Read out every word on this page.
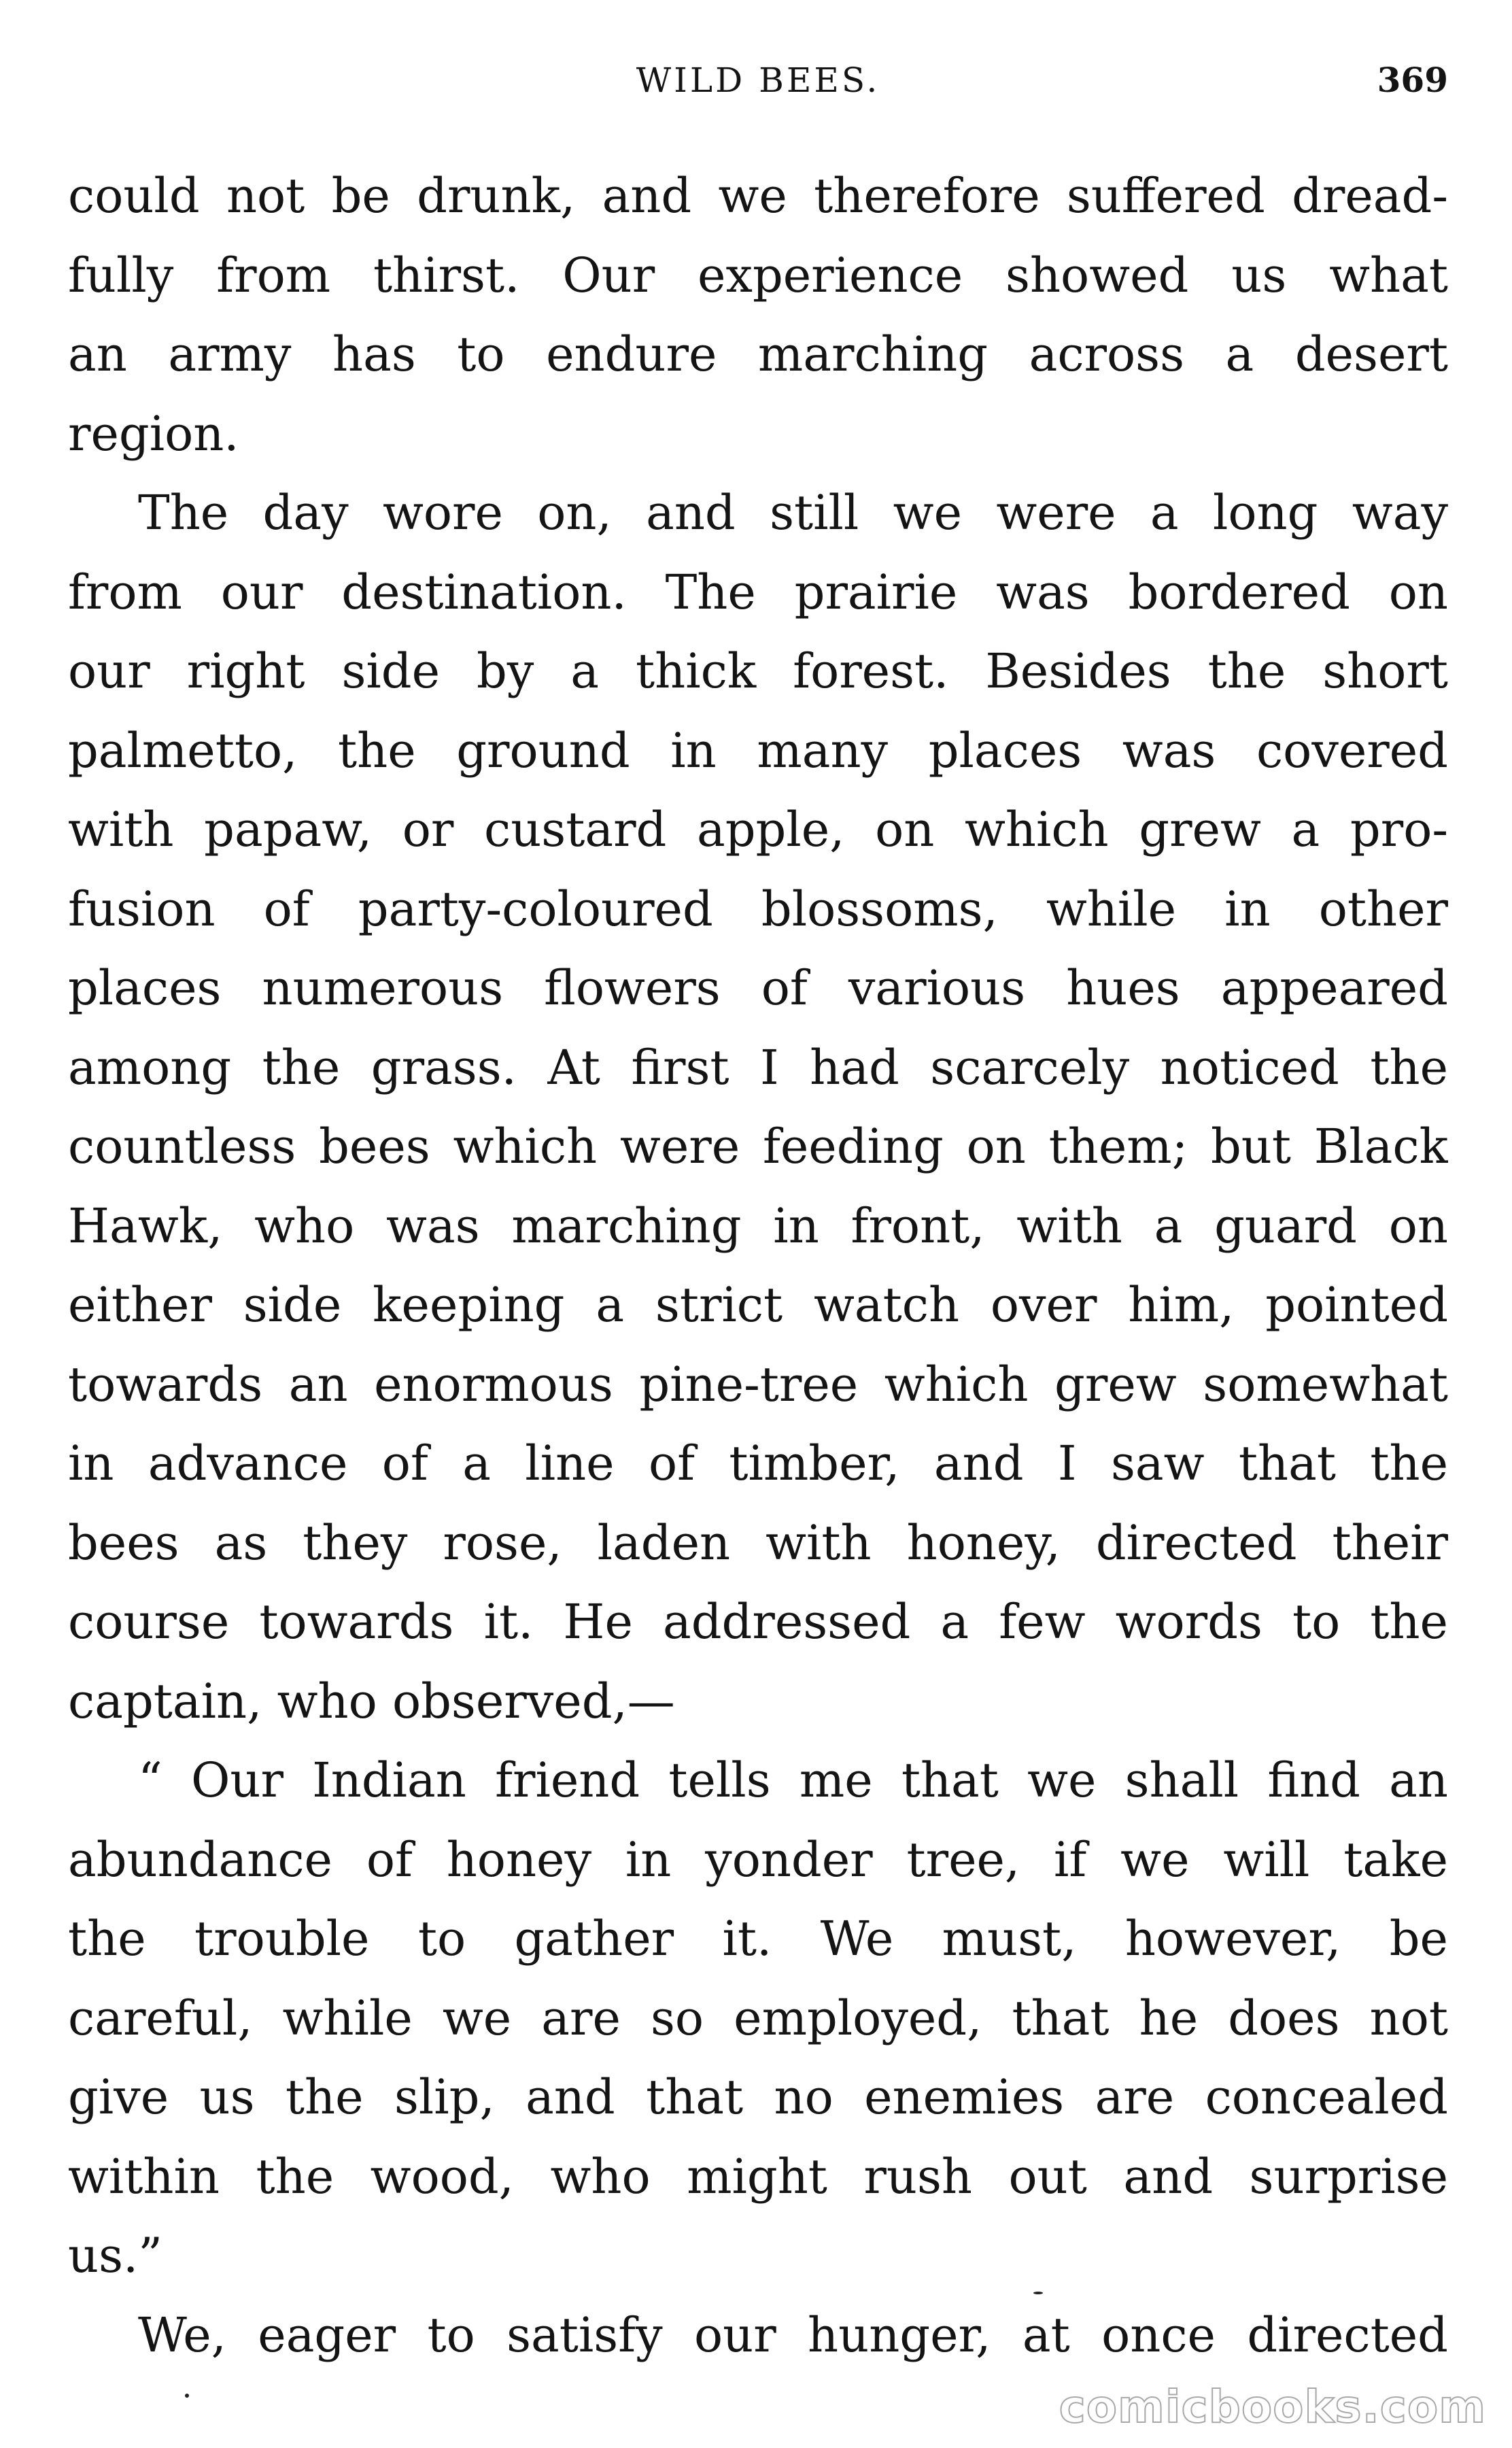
WILD BEES.	369
could not be drunk, and we therefore suffered dread-
fully from thirst. Our experience showed us what
an army has to endure marching across a desert
region.
The day wore on, and still we were a long way
from our destination. The prairie was bordered on
our right side by a thick forest. Besides the short
palmetto, the ground in many places was covered
with papaw, or custard apple, on which grew a pro-
fusion of party-coloured blossoms, while in other
places numerous flowers of various hues appeared
among the grass. At first I had scarcely noticed the
countless bees which were feeding on them; but Black
Hawk, who was marching in front, with a guard on
either side keeping a strict watch over him, pointed
towards an enormous pine-tree which grew somewhat
in advance of a line of timber, and I saw that the
bees as they rose, laden with honey, directed their
course towards it. He addressed a few words to the
captain, who observed,—
“ Our Indian friend tells me that we shall find an
abundance of honey in yonder tree, if we will take
the trouble to gather it. We must, however, be
careful, while we are so employed, that he does not
give us the slip, and that no enemies are concealed
within the wood, who might rush out and surprise
us.”
We, eager to satisfy our hunger, at once directed
comicbooks.com
